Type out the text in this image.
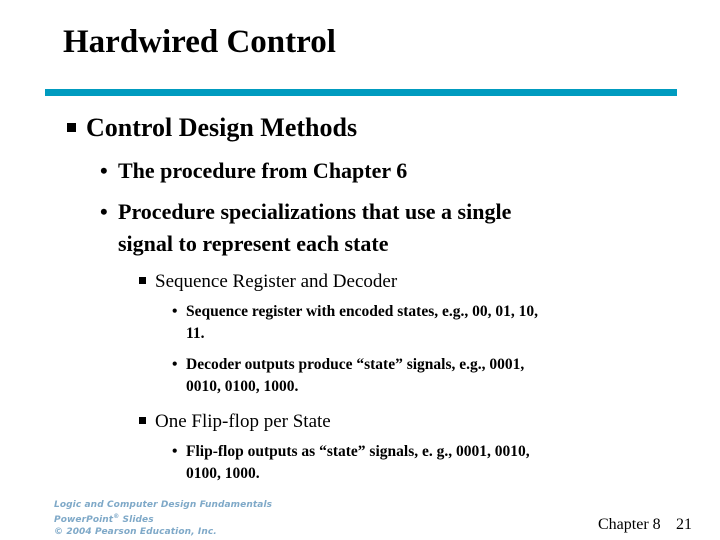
Hardwired Control
Control Design Methods
• The procedure from Chapter 6
• Procedure specializations that use a single
signal to represent each state
Sequence Register and Decoder
• Sequence register with encoded states, e.g., 00, 01, 10,
11.
• Decoder outputs produce “state” signals, e.g., 0001,
0010, 0100, 1000.
One Flip-flop per State
• Flip-flop outputs as “state” signals, e. g., 0001, 0010,
0100, 1000.
Logic and Computer Design Fundamentals
PowerPoint® Slides
© 2004 Pearson Education, Inc.	Chapter 8 21
